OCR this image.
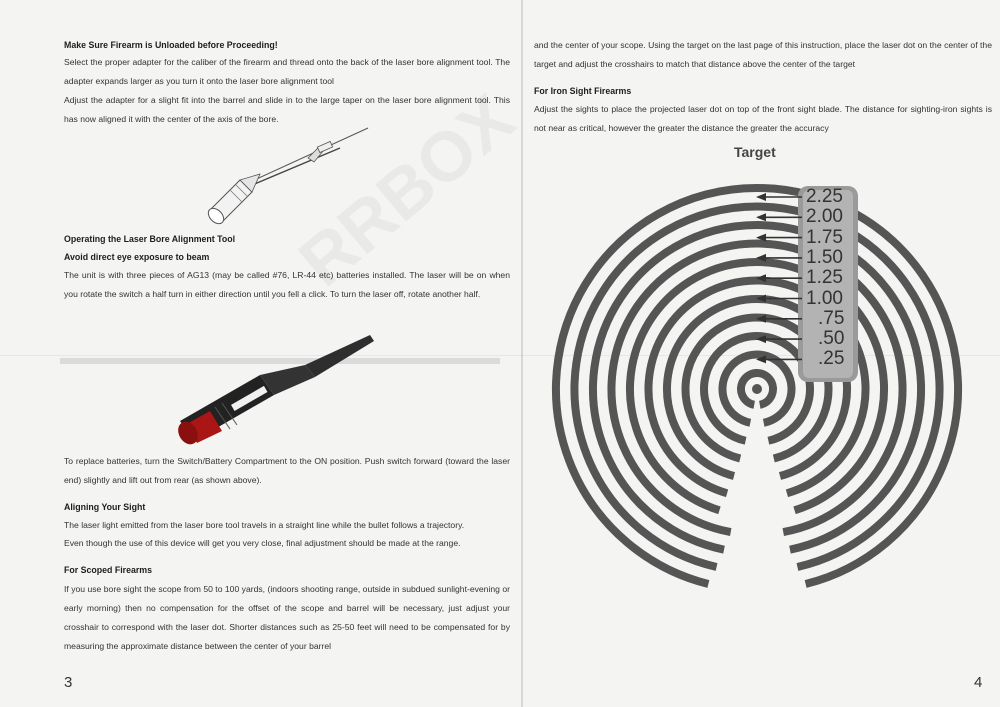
Make Sure Firearm is Unloaded before Proceeding!

Select the proper adapter for the caliber of the firearm and thread onto the back of the laser bore alignment tool. The adapter expands larger as you turn it onto the laser bore alignment tool

Adjust the adapter for a slight fit into the barrel and slide in to the large taper on the laser bore alignment tool. This has now aligned it with the center of the axis of the bore.

Operating the Laser Bore Alignment Tool

Avoid direct eye exposure to beam

The unit is with three pieces of AG13 (may be called #76, LR-44 etc) batteries installed. The laser will be on when you rotate the switch a half turn in either direction until you fell a click. To turn the laser off, rotate another half.

To replace batteries, turn the Switch/Battery Compartment to the ON position. Push switch forward (toward the laser end) slightly and lift out from rear (as shown above).

Aligning Your Sight

The laser light emitted from the laser bore tool travels in a straight line while the bullet follows a trajectory.

Even though the use of this device will get you very close, final adjustment should be made at the range.

For Scoped Firearms

If you use bore sight the scope from 50 to 100 yards, (indoors shooting range, outside in subdued sunlight-evening or early morning) then no compensation for the offset of the scope and barrel will be necessary, just adjust your crosshair to correspond with the laser dot. Shorter distances such as 25-50 feet will need to be compensated for by measuring the approximate distance between the center of your barrel

3

and the center of your scope. Using the target on the last page of this instruction, place the laser dot on the center of the target and adjust the crosshairs to match that distance above the center of the target

For Iron Sight Firearms

Adjust the sights to place the projected laser dot on top of the front sight blade. The distance for sighting-iron sights is not near as critical, however the greater the distance the greater the accuracy

Target
2.25
2.00
1.75
1.50
1.25
1.00
.75
.50
.25
4
